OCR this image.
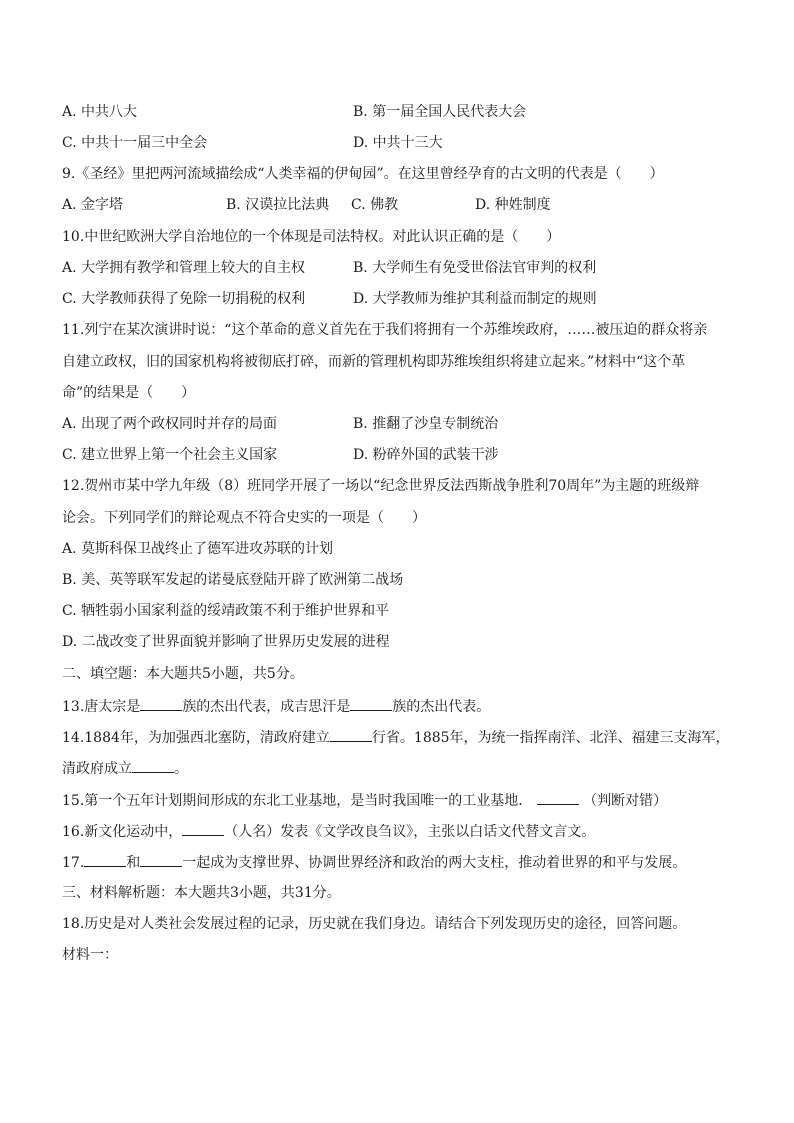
A. 中共八大	B. 第一届全国人民代表大会
C. 中共十一届三中全会	D. 中共十三大
9.《圣经》里把两河流域描绘成“人类幸福的伊甸园”。在这里曾经孕育的古文明的代表是（　　）
A. 金字塔	B. 汉谟拉比法典 C. 佛教	D. 种姓制度
10.中世纪欧洲大学自治地位的一个体现是司法特权。对此认识正确的是（　　）
A. 大学拥有教学和管理上较大的自主权	B. 大学师生有免受世俗法官审判的权利
C. 大学教师获得了免除一切捐税的权利	D. 大学教师为维护其利益而制定的规则
11.列宁在某次演讲时说：“这个革命的意义首先在于我们将拥有一个苏维埃政府，……被压迫的群众将亲
自建立政权，旧的国家机构将被彻底打碎，而新的管理机构即苏维埃组织将建立起来。”材料中“这个革
命”的结果是（　　）
A. 出现了两个政权同时并存的局面	B. 推翻了沙皇专制统治
C. 建立世界上第一个社会主义国家	D. 粉碎外国的武装干涉
12.贺州市某中学九年级（8）班同学开展了一场以“纪念世界反法西斯战争胜利70周年”为主题的班级辩
论会。下列同学们的辩论观点不符合史实的一项是（　　）
A. 莫斯科保卫战终止了德军进攻苏联的计划
B. 美、英等联军发起的诺曼底登陆开辟了欧洲第二战场
C. 牺牲弱小国家利益的绥靖政策不利于维护世界和平
D. 二战改变了世界面貌并影响了世界历史发展的进程
二、填空题：本大题共5小题，共5分。
13.唐太宗是	族的杰出代表，成吉思汗是	族的杰出代表。
14.1884年，为加强西北塞防，清政府建立	行省。1885年，为统一指挥南洋、北洋、福建三支海军，
清政府成立	。
15.第一个五年计划期间形成的东北工业基地，是当时我国唯一的工业基地．	（判断对错）
16.新文化运动中，	（人名）发表《文学改良刍议》，主张以白话文代替文言文。
17.	和	一起成为支撑世界、协调世界经济和政治的两大支柱，推动着世界的和平与发展。
三、材料解析题：本大题共3小题，共31分。
18.历史是对人类社会发展过程的记录，历史就在我们身边。请结合下列发现历史的途径，回答问题。
材料一：
